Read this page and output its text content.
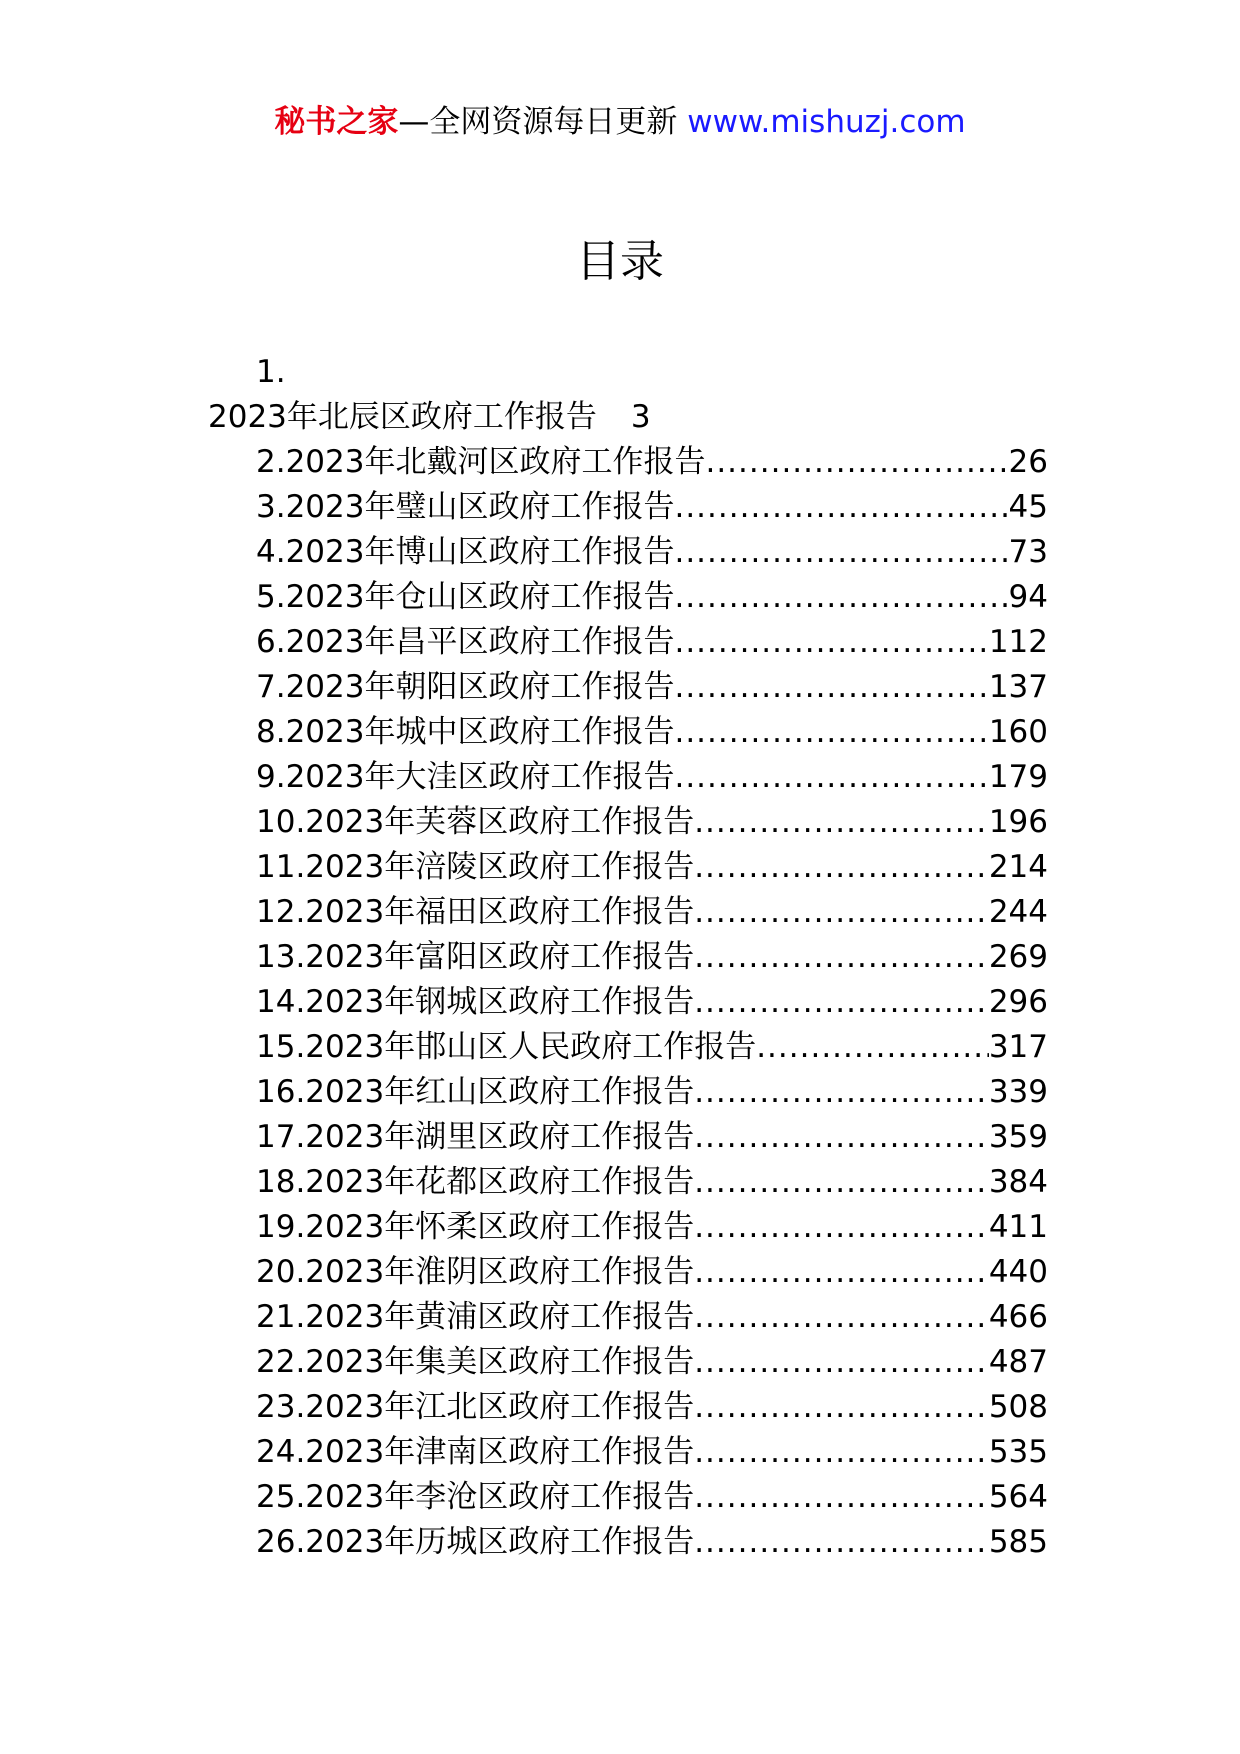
秘书之家—全网资源每日更新 www.mishuzj.com
目录
1.
2023年北辰区政府工作报告 3
2.2023年北戴河区政府工作报告 .....	26
3.2023年璧山区政府工作报告 .....	45
4.2023年博山区政府工作报告 .....	73
5.2023年仓山区政府工作报告 .....	94
6.2023年昌平区政府工作报告 .....	112
7.2023年朝阳区政府工作报告 .....	137
8.2023年城中区政府工作报告 .....	160
9.2023年大洼区政府工作报告 .....	179
10.2023年芙蓉区政府工作报告 .....	196
11.2023年涪陵区政府工作报告 .....	214
12.2023年福田区政府工作报告 .....	244
13.2023年富阳区政府工作报告 .....	269
14.2023年钢城区政府工作报告 .....	296
15.2023年邯山区人民政府工作报告 .....	317
16.2023年红山区政府工作报告 .....	339
17.2023年湖里区政府工作报告 .....	359
18.2023年花都区政府工作报告 .....	384
19.2023年怀柔区政府工作报告 .....	411
20.2023年淮阴区政府工作报告 .....	440
21.2023年黄浦区政府工作报告 .....	466
22.2023年集美区政府工作报告 .....	487
23.2023年江北区政府工作报告 .....	508
24.2023年津南区政府工作报告 .....	535
25.2023年李沧区政府工作报告 .....	564
26.2023年历城区政府工作报告 .....	585
